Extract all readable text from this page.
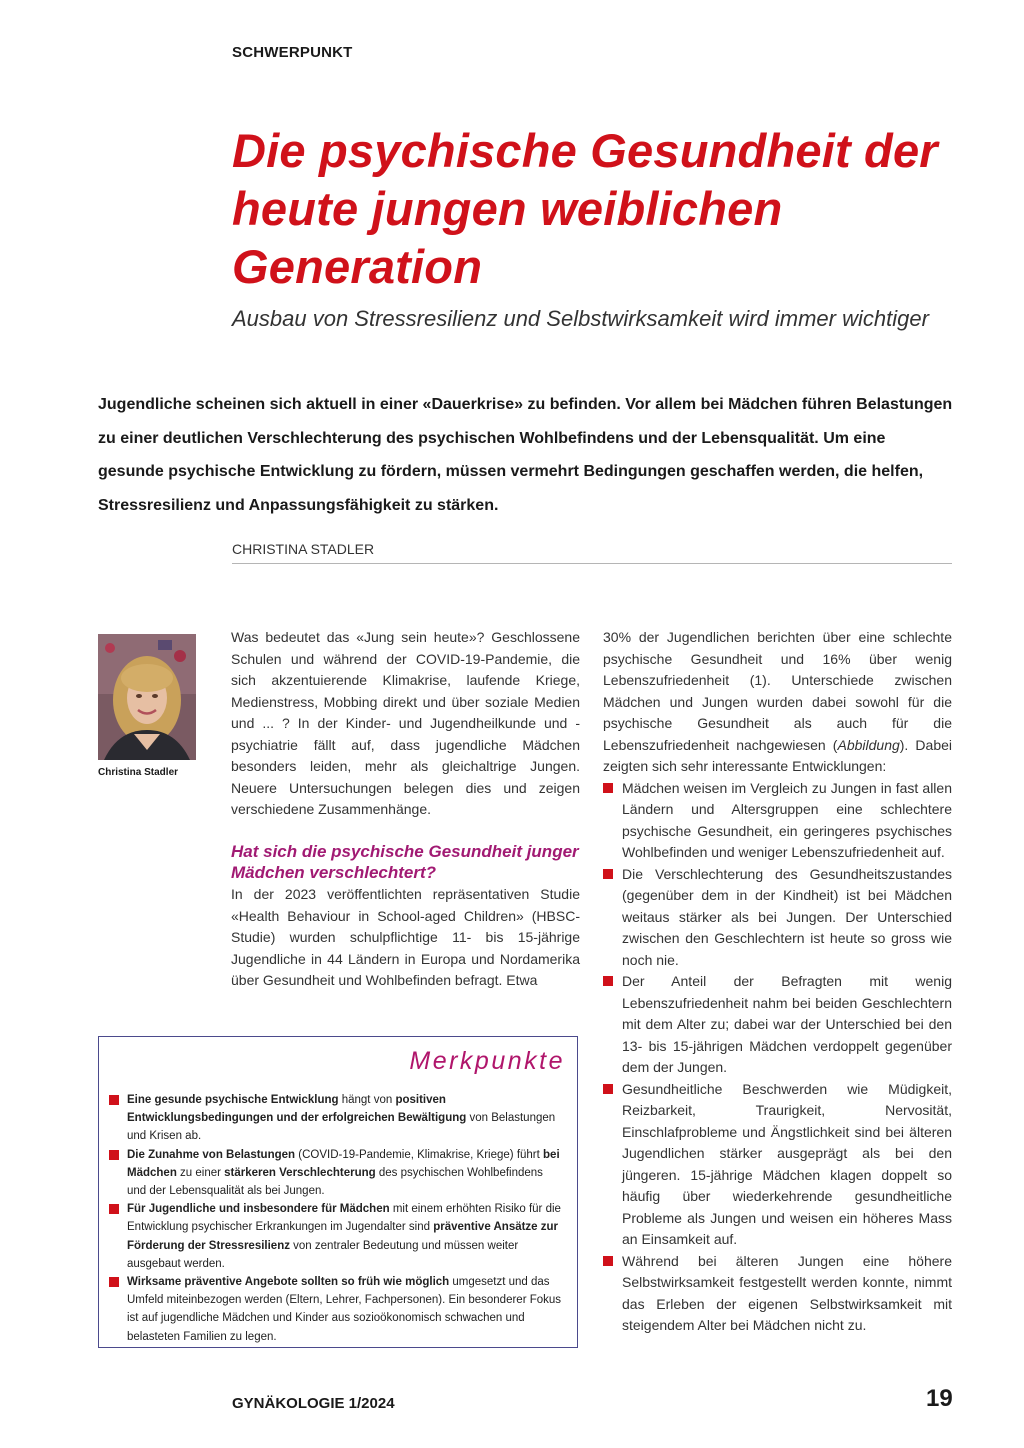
SCHWERPUNKT
Die psychische Gesundheit der heute jungen weiblichen Generation

Ausbau von Stressresilienz und Selbstwirksamkeit wird immer wichtiger

Jugendliche scheinen sich aktuell in einer «Dauerkrise» zu befinden. Vor allem bei Mädchen führen Belastungen zu einer deutlichen Verschlechterung des psychischen Wohlbefindens und der Lebensqualität. Um eine gesunde psychische Entwicklung zu fördern, müssen vermehrt Bedingungen geschaffen werden, die helfen, Stressresilienz und Anpassungsfähigkeit zu stärken.

CHRISTINA STADLER
Christina Stadler

Was bedeutet das «Jung sein heute»? Geschlossene Schulen und während der COVID-19-Pandemie, die sich akzentuierende Klimakrise, laufende Kriege, Medienstress, Mobbing direkt und über soziale Medien und ... ? In der Kinder- und Jugendheilkunde und -psychiatrie fällt auf, dass jugendliche Mädchen besonders leiden, mehr als gleichaltrige Jungen. Neuere Untersuchungen belegen dies und zeigen verschiedene Zusammenhänge.

Hat sich die psychische Gesundheit junger Mädchen verschlechtert?

In der 2023 veröffentlichten repräsentativen Studie «Health Behaviour in School-aged Children» (HBSC-Studie) wurden schulpflichtige 11- bis 15-jährige Jugendliche in 44 Ländern in Europa und Nordamerika über Gesundheit und Wohlbefinden befragt. Etwa

30% der Jugendlichen berichten über eine schlechte psychische Gesundheit und 16% über wenig Lebenszufriedenheit (1). Unterschiede zwischen Mädchen und Jungen wurden dabei sowohl für die psychische Gesundheit als auch für die Lebenszufriedenheit nachgewiesen (Abbildung). Dabei zeigten sich sehr interessante Entwicklungen:

Mädchen weisen im Vergleich zu Jungen in fast allen Ländern und Altersgruppen eine schlechtere psychische Gesundheit, ein geringeres psychisches Wohlbefinden und weniger Lebenszufriedenheit auf.
Die Verschlechterung des Gesundheitszustandes (gegenüber dem in der Kindheit) ist bei Mädchen weitaus stärker als bei Jungen. Der Unterschied zwischen den Geschlechtern ist heute so gross wie noch nie.
Der Anteil der Befragten mit wenig Lebenszufriedenheit nahm bei beiden Geschlechtern mit dem Alter zu; dabei war der Unterschied bei den 13- bis 15-jährigen Mädchen verdoppelt gegenüber dem der Jungen.
Gesundheitliche Beschwerden wie Müdigkeit, Reizbarkeit, Traurigkeit, Nervosität, Einschlafprobleme und Ängstlichkeit sind bei älteren Jugendlichen stärker ausgeprägt als bei den jüngeren. 15-jährige Mädchen klagen doppelt so häufig über wiederkehrende gesundheitliche Probleme als Jungen und weisen ein höheres Mass an Einsamkeit auf.
Während bei älteren Jungen eine höhere Selbstwirksamkeit festgestellt werden konnte, nimmt das Erleben der eigenen Selbstwirksamkeit mit steigendem Alter bei Mädchen nicht zu.
Merkpunkte
Eine gesunde psychische Entwicklung hängt von positiven Entwicklungsbedingungen und der erfolgreichen Bewältigung von Belastungen und Krisen ab.
Die Zunahme von Belastungen (COVID-19-Pandemie, Klimakrise, Kriege) führt bei Mädchen zu einer stärkeren Verschlechterung des psychischen Wohlbefindens und der Lebensqualität als bei Jungen.
Für Jugendliche und insbesondere für Mädchen mit einem erhöhten Risiko für die Entwicklung psychischer Erkrankungen im Jugendalter sind präventive Ansätze zur Förderung der Stressresilienz von zentraler Bedeutung und müssen weiter ausgebaut werden.
Wirksame präventive Angebote sollten so früh wie möglich umgesetzt und das Umfeld miteinbezogen werden (Eltern, Lehrer, Fachpersonen). Ein besonderer Fokus ist auf jugendliche Mädchen und Kinder aus sozioökonomisch schwachen und belasteten Familien zu legen.
GYNÄKOLOGIE 1/2024	19
